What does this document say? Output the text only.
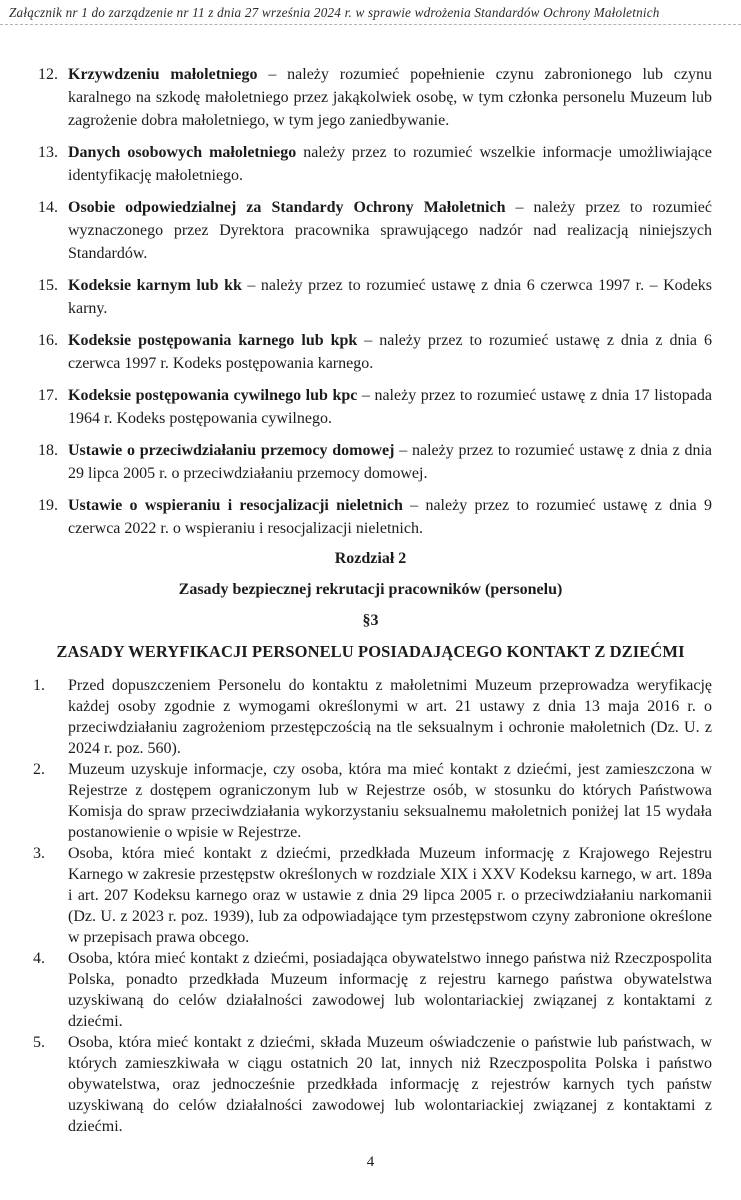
Załącznik nr 1 do zarządzenie nr 11 z dnia 27 września 2024 r. w sprawie wdrożenia Standardów Ochrony Małoletnich
12. Krzywdzeniu małoletniego – należy rozumieć popełnienie czynu zabronionego lub czynu karalnego na szkodę małoletniego przez jakąkolwiek osobę, w tym członka personelu Muzeum lub zagrożenie dobra małoletniego, w tym jego zaniedbywanie.
13. Danych osobowych małoletniego należy przez to rozumieć wszelkie informacje umożliwiające identyfikację małoletniego.
14. Osobie odpowiedzialnej za Standardy Ochrony Małoletnich – należy przez to rozumieć wyznaczonego przez Dyrektora pracownika sprawującego nadzór nad realizacją niniejszych Standardów.
15. Kodeksie karnym lub kk – należy przez to rozumieć ustawę z dnia 6 czerwca 1997 r. – Kodeks karny.
16. Kodeksie postępowania karnego lub kpk – należy przez to rozumieć ustawę z dnia z dnia 6 czerwca 1997 r. Kodeks postępowania karnego.
17. Kodeksie postępowania cywilnego lub kpc – należy przez to rozumieć ustawę z dnia 17 listopada 1964 r. Kodeks postępowania cywilnego.
18. Ustawie o przeciwdziałaniu przemocy domowej – należy przez to rozumieć ustawę z dnia z dnia 29 lipca 2005 r. o przeciwdziałaniu przemocy domowej.
19. Ustawie o wspieraniu i resocjalizacji nieletnich – należy przez to rozumieć ustawę z dnia 9 czerwca 2022 r. o wspieraniu i resocjalizacji nieletnich.
Rozdział 2
Zasady bezpiecznej rekrutacji pracowników (personelu)
§3
ZASADY WERYFIKACJI PERSONELU POSIADAJĄCEGO KONTAKT Z DZIEĆMI
1.	Przed dopuszczeniem Personelu do kontaktu z małoletnimi Muzeum przeprowadza weryfikację każdej osoby zgodnie z wymogami określonymi w art. 21 ustawy z dnia 13 maja 2016 r. o przeciwdziałaniu zagrożeniom przestępczością na tle seksualnym i ochronie małoletnich (Dz. U. z 2024 r. poz. 560).
2.	Muzeum uzyskuje informacje, czy osoba, która ma mieć kontakt z dziećmi, jest zamieszczona w Rejestrze z dostępem ograniczonym lub w Rejestrze osób, w stosunku do których Państwowa Komisja do spraw przeciwdziałania wykorzystaniu seksualnemu małoletnich poniżej lat 15 wydała postanowienie o wpisie w Rejestrze.
3.	Osoba, która mieć kontakt z dziećmi, przedkłada Muzeum informację z Krajowego Rejestru Karnego w zakresie przestępstw określonych w rozdziale XIX i XXV Kodeksu karnego, w art. 189a i art. 207 Kodeksu karnego oraz w ustawie z dnia 29 lipca 2005 r. o przeciwdziałaniu narkomanii (Dz. U. z 2023 r. poz. 1939), lub za odpowiadające tym przestępstwom czyny zabronione określone w przepisach prawa obcego.
4.	Osoba, która mieć kontakt z dziećmi, posiadająca obywatelstwo innego państwa niż Rzeczpospolita Polska, ponadto przedkłada Muzeum informację z rejestru karnego państwa obywatelstwa uzyskiwaną do celów działalności zawodowej lub wolontariackiej związanej z kontaktami z dziećmi.
5.	Osoba, która mieć kontakt z dziećmi, składa Muzeum oświadczenie o państwie lub państwach, w których zamieszkiwała w ciągu ostatnich 20 lat, innych niż Rzeczpospolita Polska i państwo obywatelstwa, oraz jednocześnie przedkłada informację z rejestrów karnych tych państw uzyskiwaną do celów działalności zawodowej lub wolontariackiej związanej z kontaktami z dziećmi.
4
